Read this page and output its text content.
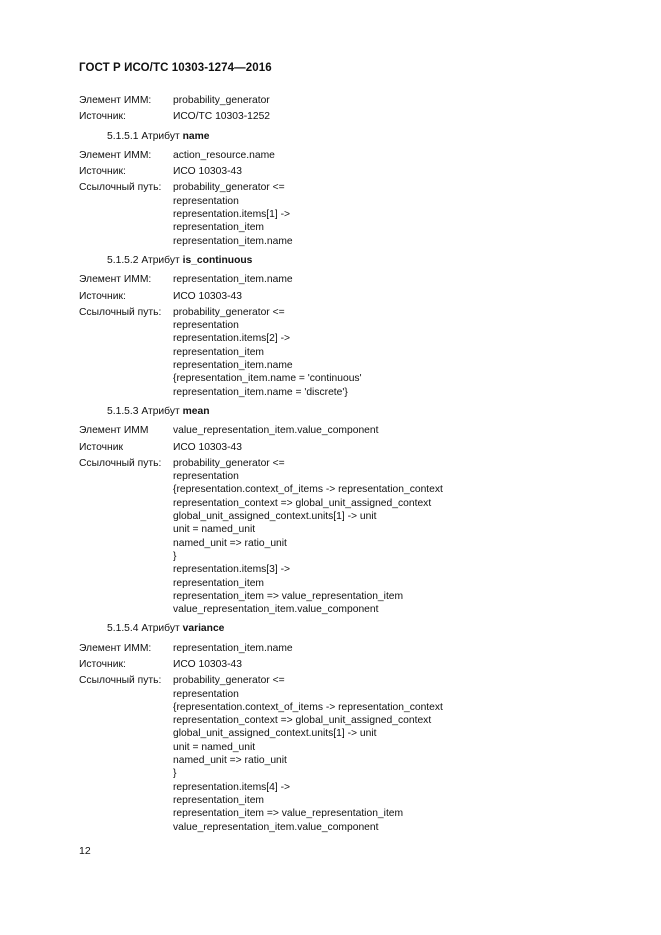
ГОСТ Р ИСО/ТС 10303-1274—2016
Элемент ИММ:	probability_generator
Источник:	ИСО/ТС 10303-1252
5.1.5.1 Атрибут name
Элемент ИММ:	action_resource.name
Источник:	ИСО 10303-43
Ссылочный путь:	probability_generator <=
representation
representation.items[1] ->
representation_item
representation_item.name
5.1.5.2 Атрибут is_continuous
Элемент ИММ:	representation_item.name
Источник:	ИСО 10303-43
Ссылочный путь:	probability_generator <=
representation
representation.items[2] ->
representation_item
representation_item.name
{representation_item.name = 'continuous'
representation_item.name = 'discrete'}
5.1.5.3 Атрибут mean
Элемент ИММ	value_representation_item.value_component
Источник	ИСО 10303-43
Ссылочный путь:	probability_generator <=
representation
{representation.context_of_items -> representation_context
representation_context => global_unit_assigned_context
global_unit_assigned_context.units[1] -> unit
unit = named_unit
named_unit => ratio_unit
}
representation.items[3] ->
representation_item
representation_item => value_representation_item
value_representation_item.value_component
5.1.5.4 Атрибут variance
Элемент ИММ:	representation_item.name
Источник:	ИСО 10303-43
Ссылочный путь:	probability_generator <=
representation
{representation.context_of_items -> representation_context
representation_context => global_unit_assigned_context
global_unit_assigned_context.units[1] -> unit
unit = named_unit
named_unit => ratio_unit
}
representation.items[4] ->
representation_item
representation_item => value_representation_item
value_representation_item.value_component
12
